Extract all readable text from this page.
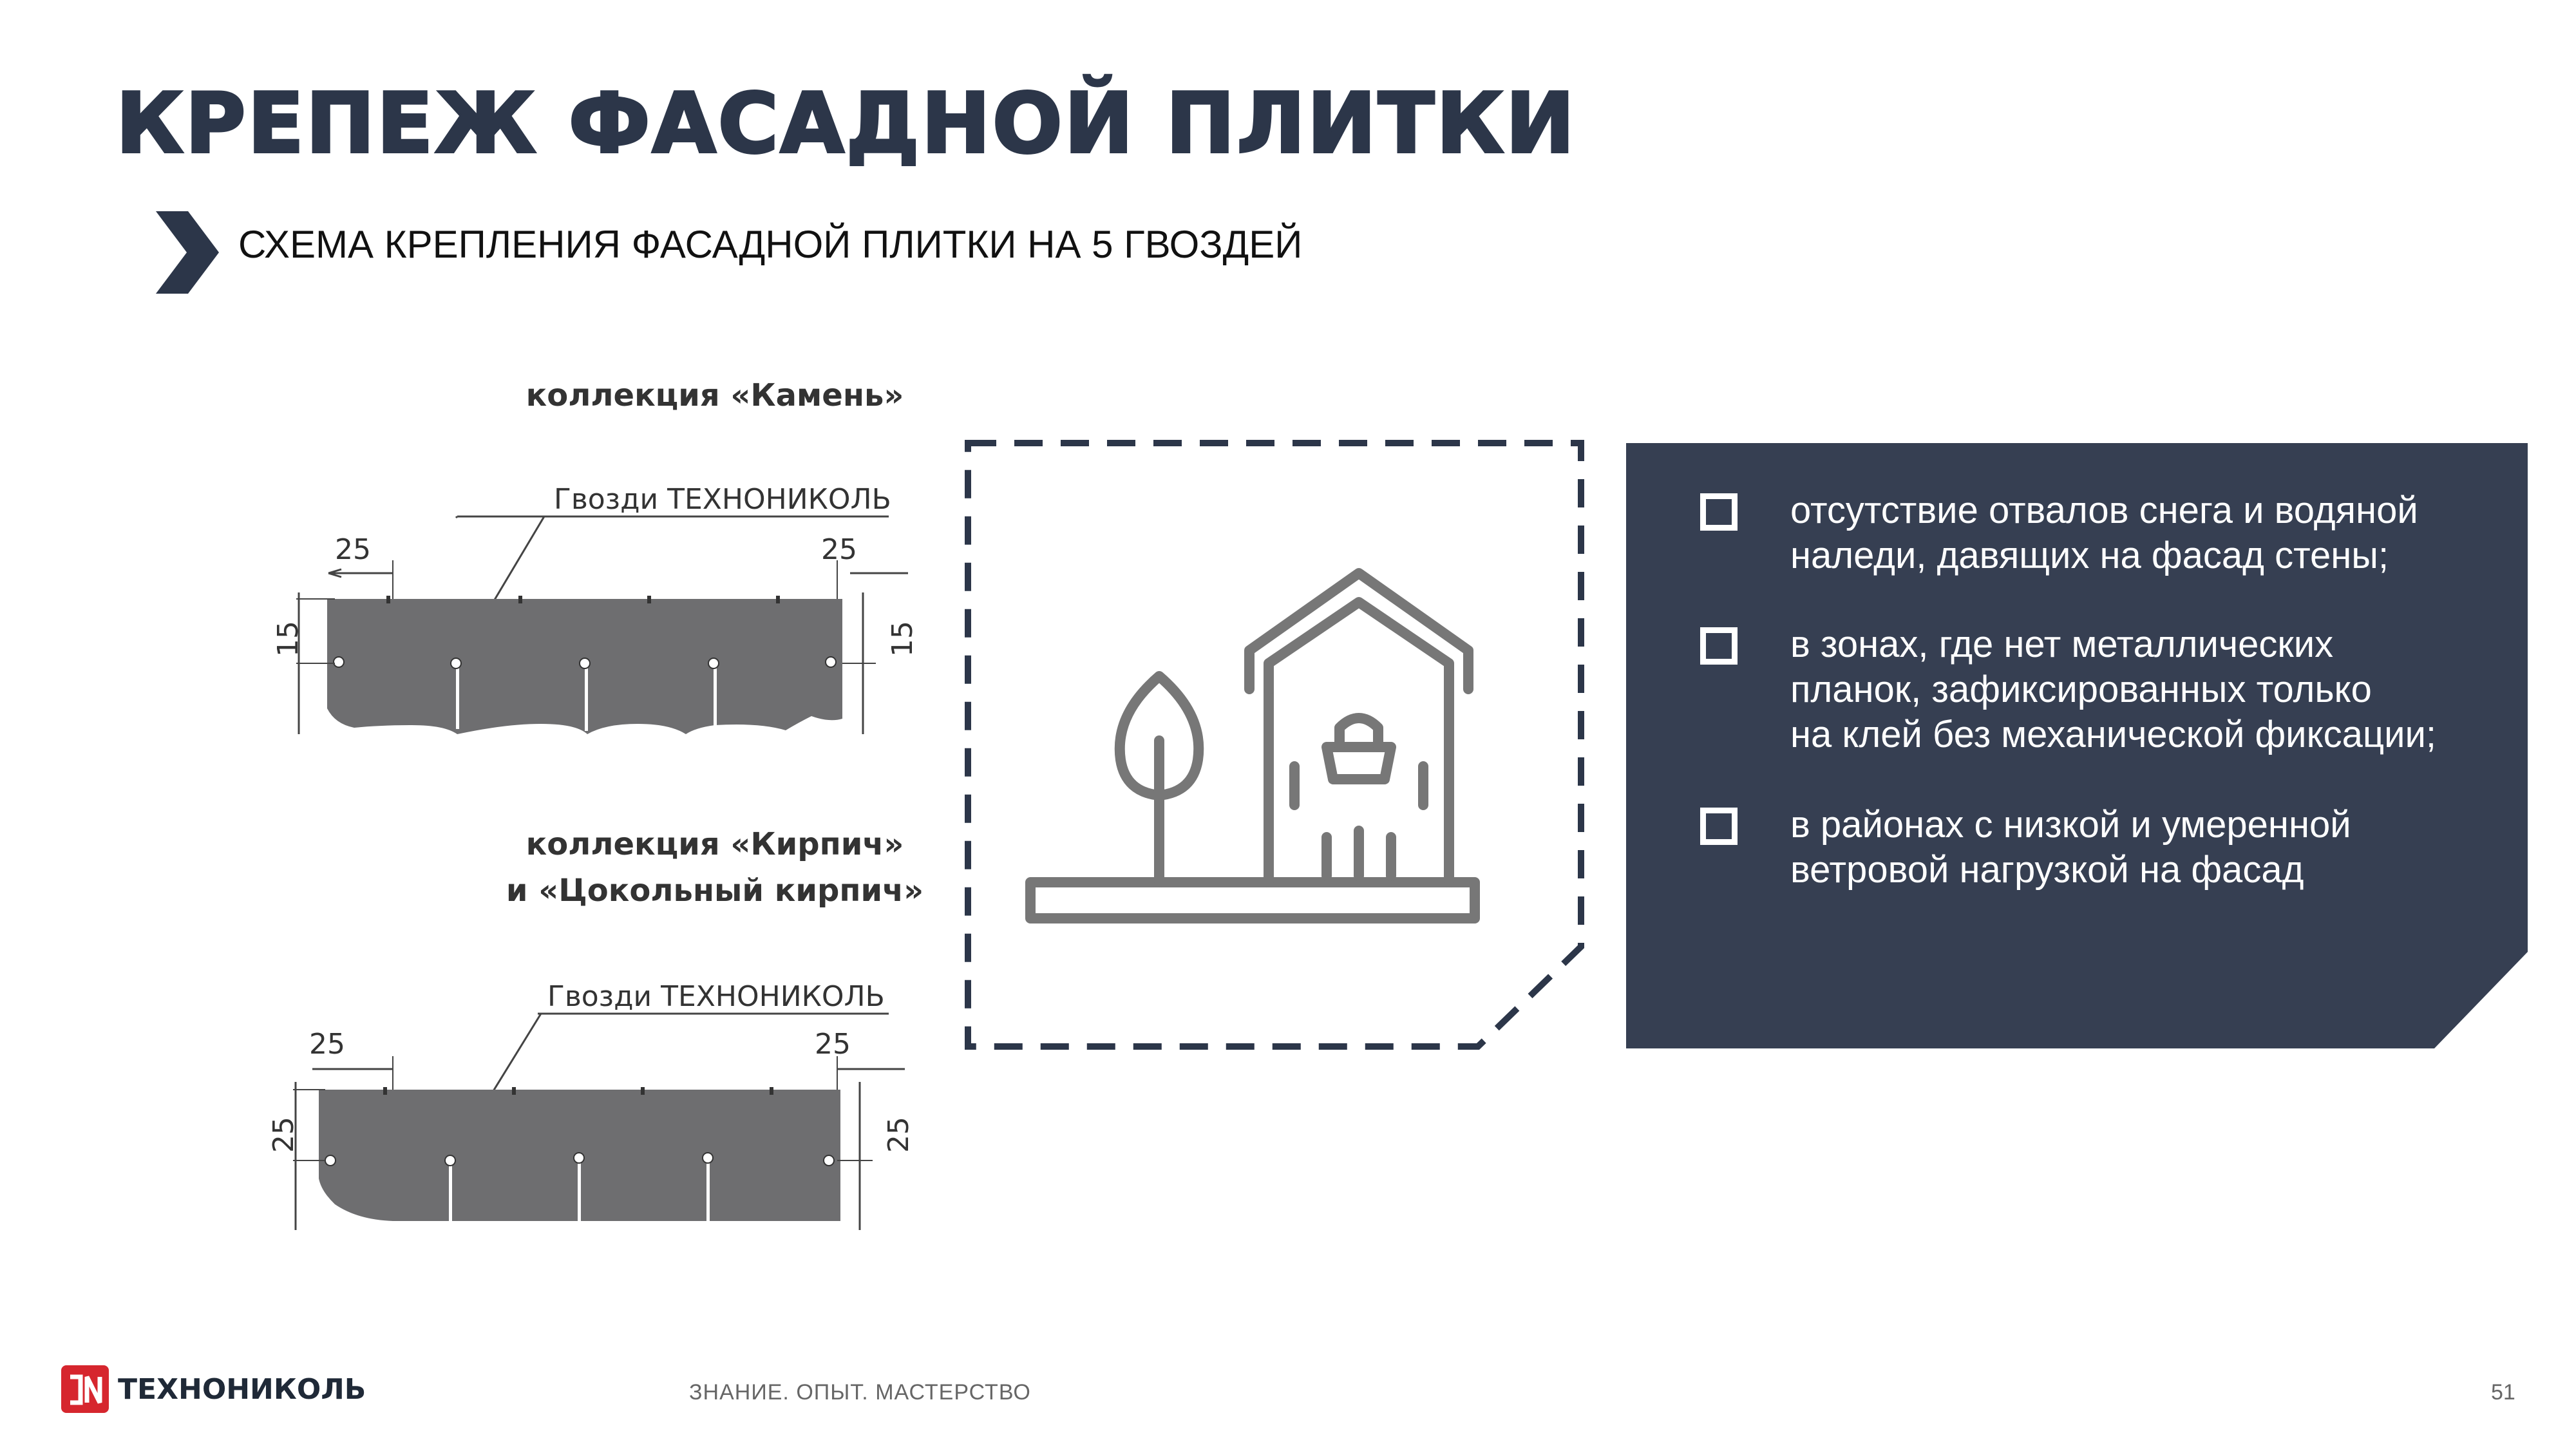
КРЕПЕЖ ФАСАДНОЙ ПЛИТКИ
СХЕМА КРЕПЛЕНИЯ ФАСАДНОЙ ПЛИТКИ НА 5 ГВОЗДЕЙ
коллекция «Камень»
Гвозди ТЕХНОНИКОЛЬ
25	25
15	15
коллекция «Кирпич»
и «Цокольный кирпич»
Гвозди ТЕХНОНИКОЛЬ
25	25
25	25
отсутствие отвалов снега и водяной
наледи, давящих на фасад стены;
в зонах, где нет металлических
планок, зафиксированных только
на клей без механической фиксации;
в районах с низкой и умеренной
ветровой нагрузкой на фасад
ТЕХНОНИКОЛЬ	ЗНАНИЕ. ОПЫТ. МАСТЕРСТВО	51
